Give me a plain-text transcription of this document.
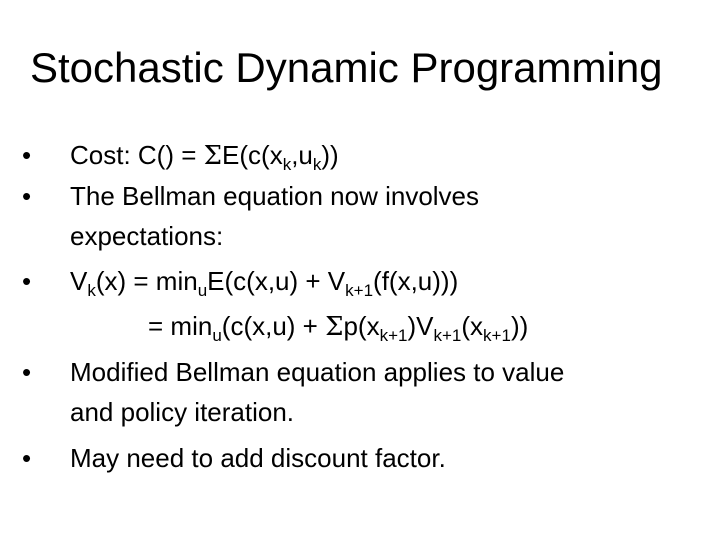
Stochastic Dynamic Programming
• Cost: $C() = \Sigma E(c(x_k,u_k))$
• The Bellman equation now involves
expectations:
• $V_k(x) = \min_uE(c(x,u) + V_{k+1}(f(x,u)))$
= $\min_u(c(x,u) + \Sigma p(x_{k+1})V_{k+1}(x_{k+1}))$
• Modified Bellman equation applies to value
and policy iteration.
• May need to add discount factor.
